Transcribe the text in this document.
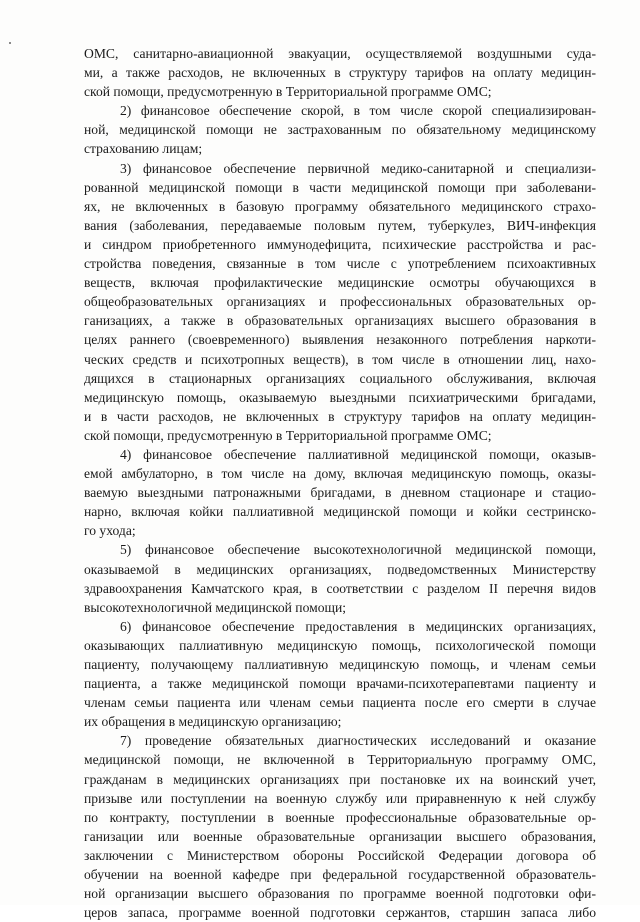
ОМС, санитарно-авиационной эвакуации, осуществляемой воздушными суда-
ми, а также расходов, не включенных в структуру тарифов на оплату медицин-
ской помощи, предусмотренную в Территориальной программе ОМС;
2) финансовое обеспечение скорой, в том числе скорой специализирован-
ной, медицинской помощи не застрахованным по обязательному медицинскому
страхованию лицам;
3) финансовое обеспечение первичной медико-санитарной и специализи-
рованной медицинской помощи в части медицинской помощи при заболевани-
ях, не включенных в базовую программу обязательного медицинского страхо-
вания (заболевания, передаваемые половым путем, туберкулез, ВИЧ-инфекция
и синдром приобретенного иммунодефицита, психические расстройства и рас-
стройства поведения, связанные в том числе с употреблением психоактивных
веществ, включая профилактические медицинские осмотры обучающихся в
общеобразовательных организациях и профессиональных образовательных ор-
ганизациях, а также в образовательных организациях высшего образования в
целях раннего (своевременного) выявления незаконного потребления наркоти-
ческих средств и психотропных веществ), в том числе в отношении лиц, нахо-
дящихся в стационарных организациях социального обслуживания, включая
медицинскую помощь, оказываемую выездными психиатрическими бригадами,
и в части расходов, не включенных в структуру тарифов на оплату медицин-
ской помощи, предусмотренную в Территориальной программе ОМС;
4) финансовое обеспечение паллиативной медицинской помощи, оказыв-
емой амбулаторно, в том числе на дому, включая медицинскую помощь, оказы-
ваемую выездными патронажными бригадами, в дневном стационаре и стацио-
нарно, включая койки паллиативной медицинской помощи и койки сестринско-
го ухода;
5) финансовое обеспечение высокотехнологичной медицинской помощи,
оказываемой в медицинских организациях, подведомственных Министерству
здравоохранения Камчатского края, в соответствии с разделом II перечня видов
высокотехнологичной медицинской помощи;
6) финансовое обеспечение предоставления в медицинских организациях,
оказывающих паллиативную медицинскую помощь, психологической помощи
пациенту, получающему паллиативную медицинскую помощь, и членам семьи
пациента, а также медицинской помощи врачами-психотерапевтами пациенту и
членам семьи пациента или членам семьи пациента после его смерти в случае
их обращения в медицинскую организацию;
7) проведение обязательных диагностических исследований и оказание
медицинской помощи, не включенной в Территориальную программу ОМС,
гражданам в медицинских организациях при постановке их на воинский учет,
призыве или поступлении на военную службу или приравненную к ней службу
по контракту, поступлении в военные профессиональные образовательные ор-
ганизации или военные образовательные организации высшего образования,
заключении с Министерством обороны Российской Федерации договора об
обучении на военной кафедре при федеральной государственной образователь-
ной организации высшего образования по программе военной подготовки офи-
церов запаса, программе военной подготовки сержантов, старшин запаса либо
